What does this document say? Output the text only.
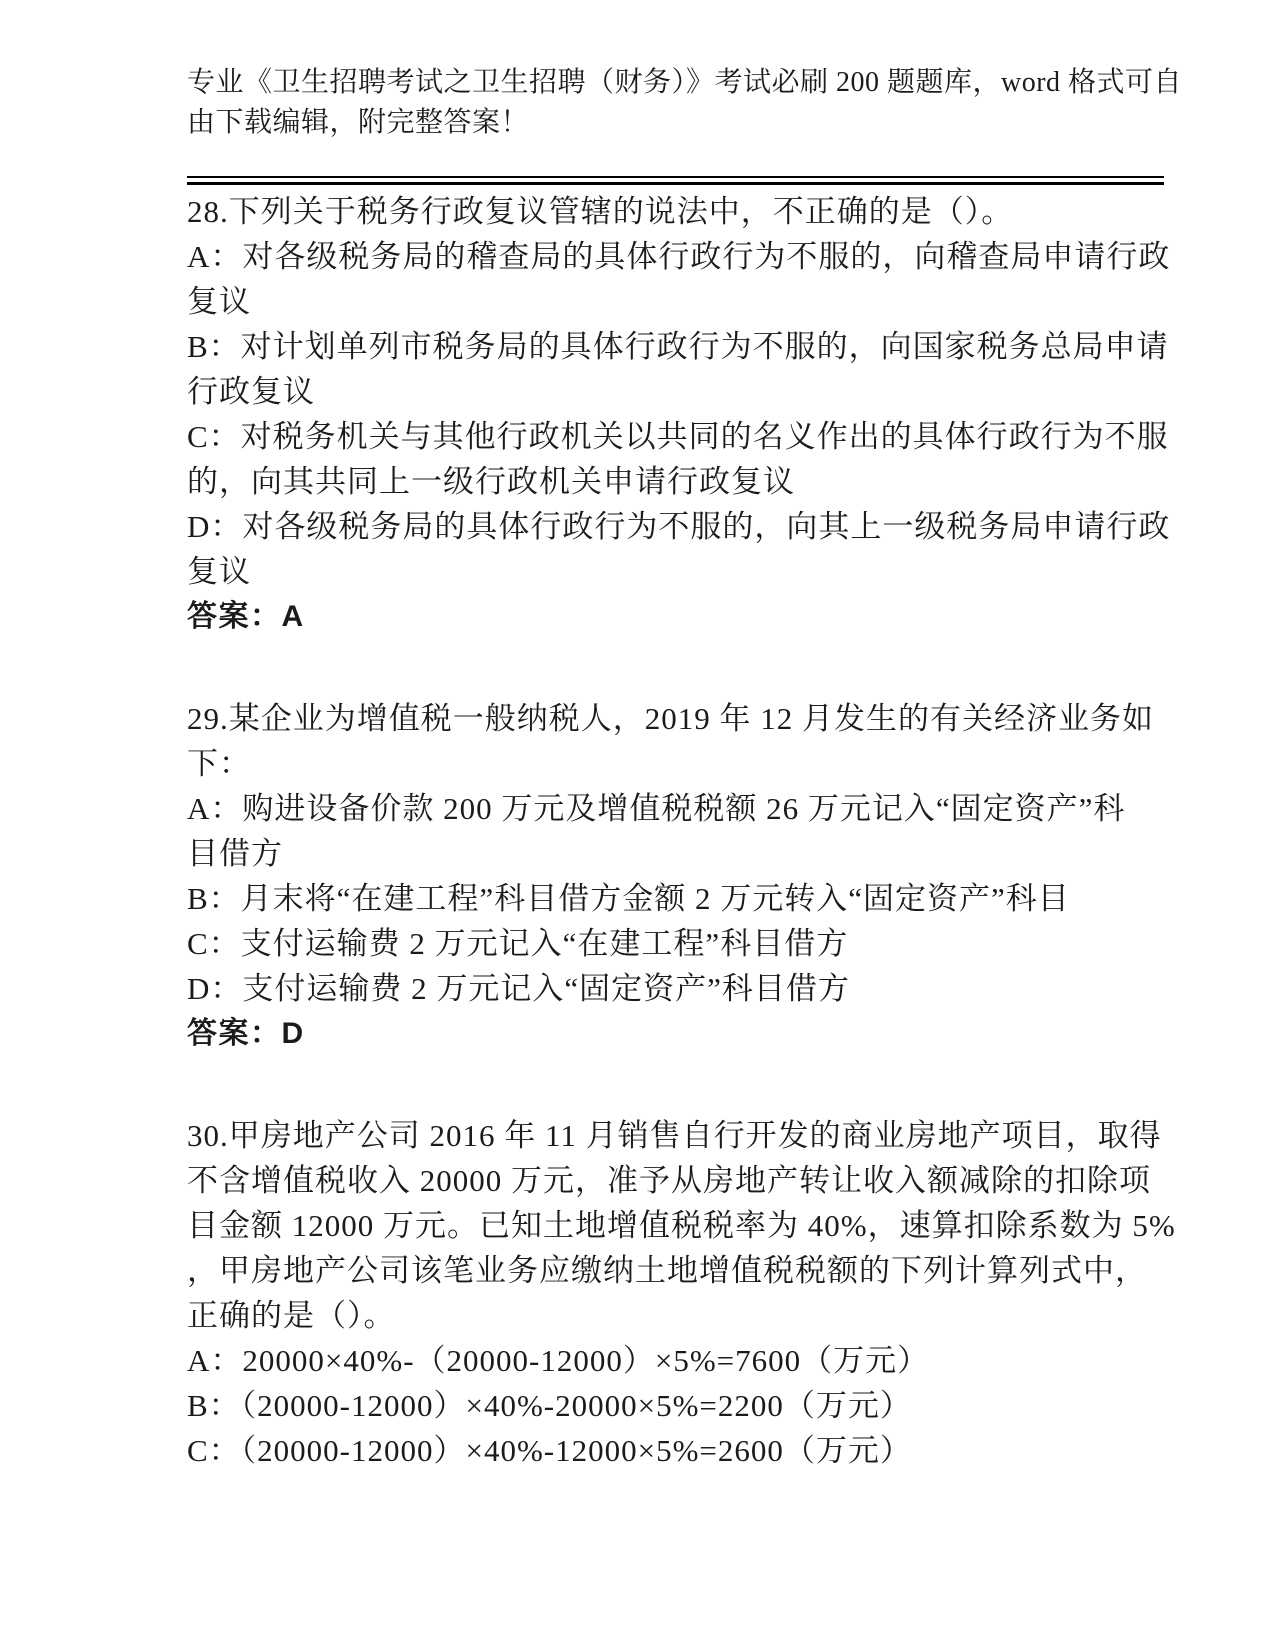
专业《卫生招聘考试之卫生招聘（财务）》考试必刷 200 题题库，word 格式可自
由下载编辑，附完整答案！
28.下列关于税务行政复议管辖的说法中，不正确的是（）。
A：对各级税务局的稽查局的具体行政行为不服的，向稽查局申请行政
复议
B：对计划单列市税务局的具体行政行为不服的，向国家税务总局申请
行政复议
C：对税务机关与其他行政机关以共同的名义作出的具体行政行为不服
的，向其共同上一级行政机关申请行政复议
D：对各级税务局的具体行政行为不服的，向其上一级税务局申请行政
复议
答案：A
29.某企业为增值税一般纳税人，2019 年 12 月发生的有关经济业务如
下：
A：购进设备价款 200 万元及增值税税额 26 万元记入“固定资产”科
目借方
B：月末将“在建工程”科目借方金额 2 万元转入“固定资产”科目
C：支付运输费 2 万元记入“在建工程”科目借方
D：支付运输费 2 万元记入“固定资产”科目借方
答案：D
30.甲房地产公司 2016 年 11 月销售自行开发的商业房地产项目，取得
不含增值税收入 20000 万元，准予从房地产转让收入额减除的扣除项
目金额 12000 万元。已知土地增值税税率为 40%，速算扣除系数为 5%
，甲房地产公司该笔业务应缴纳土地增值税税额的下列计算列式中，
正确的是（）。
A：20000×40%-（20000-12000）×5%=7600（万元）
B：（20000-12000）×40%-20000×5%=2200（万元）
C：（20000-12000）×40%-12000×5%=2600（万元）
